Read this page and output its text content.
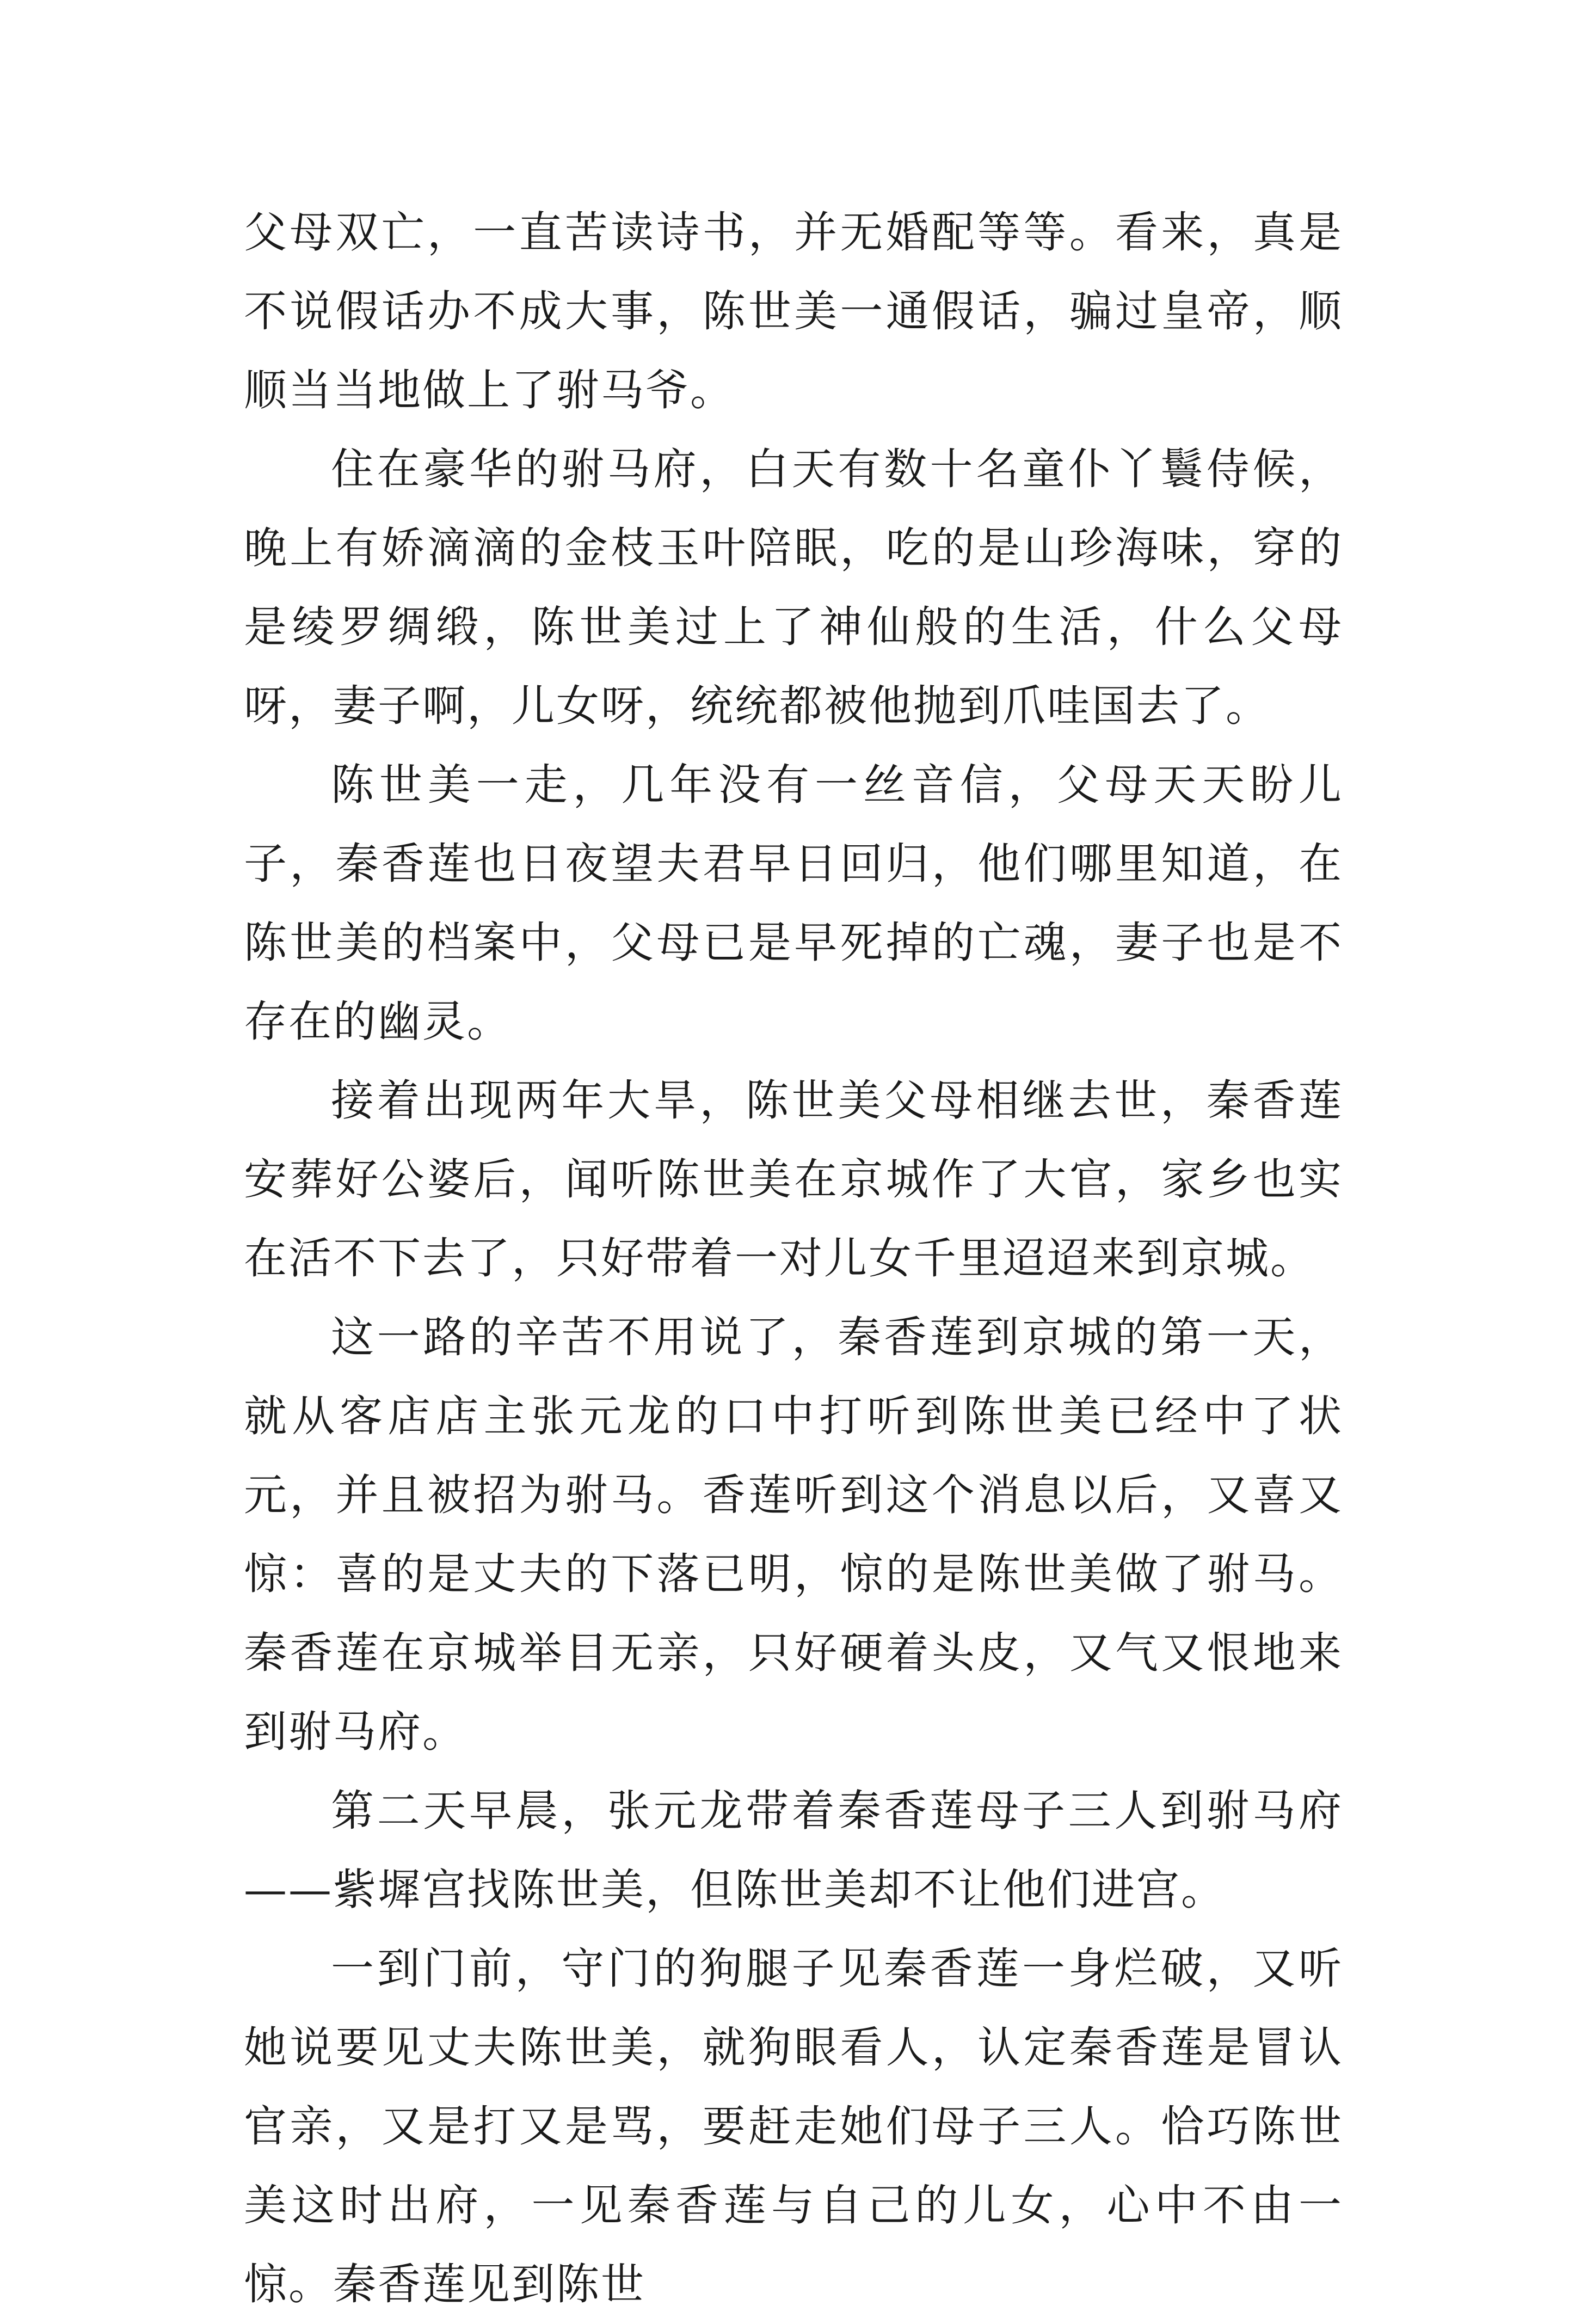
父母双亡，一直苦读诗书，并无婚配等等。看来，真是不说假话办不成大事，陈世美一通假话，骗过皇帝，顺顺当当地做上了驸马爷。

住在豪华的驸马府，白天有数十名童仆丫鬟侍候，晚上有娇滴滴的金枝玉叶陪眠，吃的是山珍海味，穿的是绫罗绸缎，陈世美过上了神仙般的生活，什么父母呀，妻子啊，儿女呀，统统都被他抛到爪哇国去了。

陈世美一走，几年没有一丝音信，父母天天盼儿子，秦香莲也日夜望夫君早日回归，他们哪里知道，在陈世美的档案中，父母已是早死掉的亡魂，妻子也是不存在的幽灵。

接着出现两年大旱，陈世美父母相继去世，秦香莲安葬好公婆后，闻听陈世美在京城作了大官，家乡也实在活不下去了，只好带着一对儿女千里迢迢来到京城。

这一路的辛苦不用说了，秦香莲到京城的第一天，就从客店店主张元龙的口中打听到陈世美已经中了状元，并且被招为驸马。香莲听到这个消息以后，又喜又惊：喜的是丈夫的下落已明，惊的是陈世美做了驸马。秦香莲在京城举目无亲，只好硬着头皮，又气又恨地来到驸马府。

第二天早晨，张元龙带着秦香莲母子三人到驸马府——紫墀宫找陈世美，但陈世美却不让他们进宫。

一到门前，守门的狗腿子见秦香莲一身烂破，又听她说要见丈夫陈世美，就狗眼看人，认定秦香莲是冒认官亲，又是打又是骂，要赶走她们母子三人。恰巧陈世美这时出府，一见秦香莲与自己的儿女，心中不由一惊。秦香莲见到陈世
